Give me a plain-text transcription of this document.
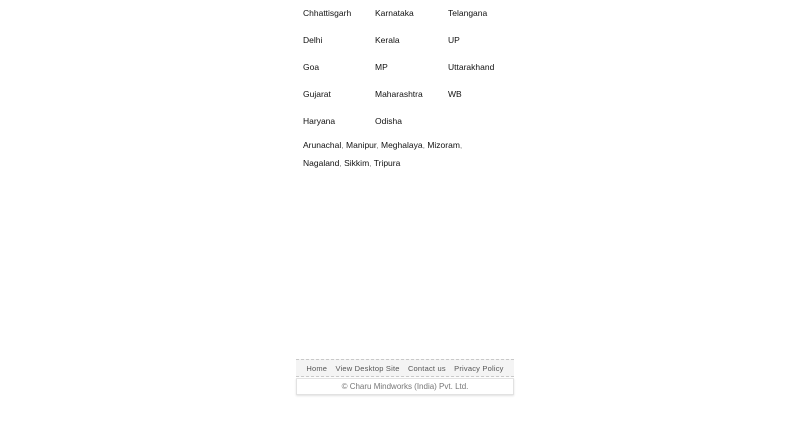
Chhattisgarh	Karnataka	Telangana
Delhi	Kerala	UP
Goa	MP	Uttarakhand
Gujarat	Maharashtra	WB
Haryana	Odisha
Arunachal, Manipur, Meghalaya, Mizoram, Nagaland, Sikkim, Tripura
Home View Desktop Site Contact us Privacy Policy
© Charu Mindworks (India) Pvt. Ltd.
